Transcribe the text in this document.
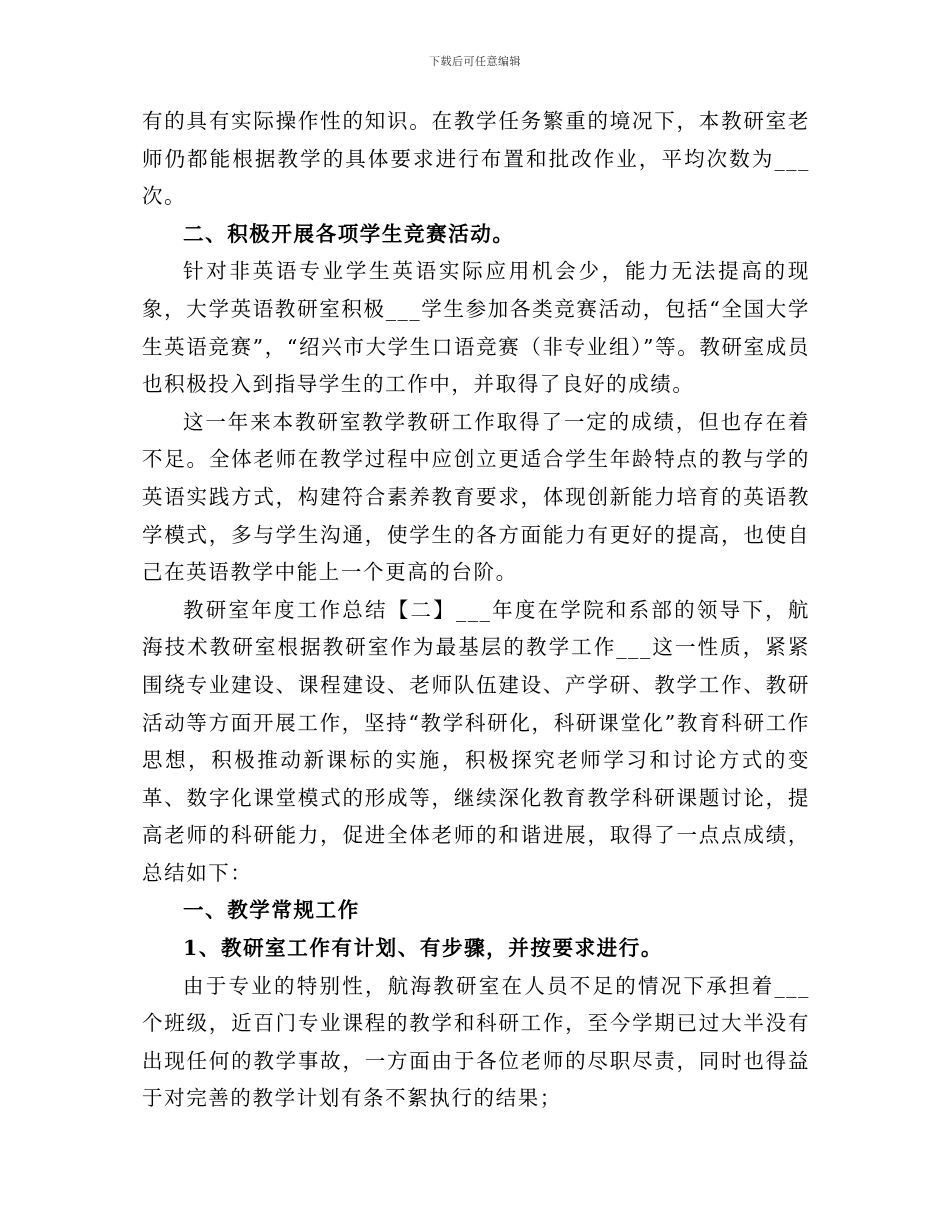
下载后可任意编辑

有的具有实际操作性的知识。在教学任务繁重的境况下，本教研室老师仍都能根据教学的具体要求进行布置和批改作业，平均次数为___次。

二、积极开展各项学生竞赛活动。

针对非英语专业学生英语实际应用机会少，能力无法提高的现象，大学英语教研室积极___学生参加各类竞赛活动，包括“全国大学生英语竞赛”，“绍兴市大学生口语竞赛（非专业组）”等。教研室成员也积极投入到指导学生的工作中，并取得了良好的成绩。

这一年来本教研室教学教研工作取得了一定的成绩，但也存在着不足。全体老师在教学过程中应创立更适合学生年龄特点的教与学的英语实践方式，构建符合素养教育要求，体现创新能力培育的英语教学模式，多与学生沟通，使学生的各方面能力有更好的提高，也使自己在英语教学中能上一个更高的台阶。

教研室年度工作总结【二】___年度在学院和系部的领导下，航海技术教研室根据教研室作为最基层的教学工作___这一性质，紧紧围绕专业建设、课程建设、老师队伍建设、产学研、教学工作、教研活动等方面开展工作，坚持“教学科研化，科研课堂化”教育科研工作思想，积极推动新课标的实施，积极探究老师学习和讨论方式的变革、数字化课堂模式的形成等，继续深化教育教学科研课题讨论，提高老师的科研能力，促进全体老师的和谐进展，取得了一点点成绩，总结如下：

一、教学常规工作

1、教研室工作有计划、有步骤，并按要求进行。

由于专业的特别性，航海教研室在人员不足的情况下承担着___个班级，近百门专业课程的教学和科研工作，至今学期已过大半没有出现任何的教学事故，一方面由于各位老师的尽职尽责，同时也得益于对完善的教学计划有条不絮执行的结果；
